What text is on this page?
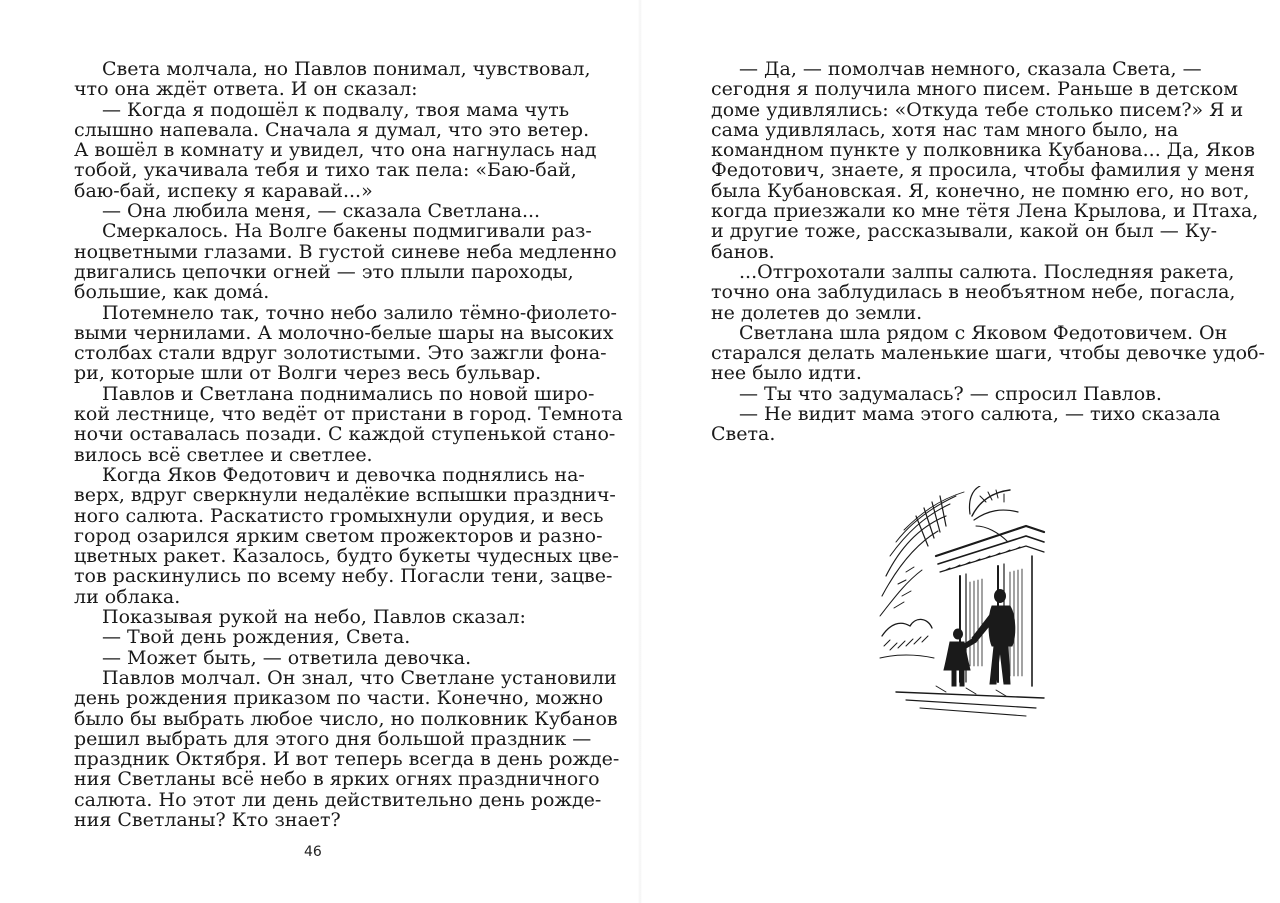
Света молчала, но Павлов понимал, чувствовал,
что она ждёт ответа. И он сказал:
— Когда я подошёл к подвалу, твоя мама чуть
слышно напевала. Сначала я думал, что это ветер.
А вошёл в комнату и увидел, что она нагнулась над
тобой, укачивала тебя и тихо так пела: «Баю-бай,
баю-бай, испеку я каравай...»
— Она любила меня, — сказала Светлана...
Смеркалось. На Волге бакены подмигивали раз-
ноцветными глазами. В густой синеве неба медленно
двигались цепочки огней — это плыли пароходы,
большие, как дома́.
Потемнело так, точно небо залило тёмно-фиолето-
выми чернилами. А молочно-белые шары на высоких
столбах стали вдруг золотистыми. Это зажгли фона-
ри, которые шли от Волги через весь бульвар.
Павлов и Светлана поднимались по новой широ-
кой лестнице, что ведёт от пристани в город. Темнота
ночи оставалась позади. С каждой ступенькой стано-
вилось всё светлее и светлее.
Когда Яков Федотович и девочка поднялись на-
верх, вдруг сверкнули недалёкие вспышки празднич-
ного салюта. Раскатисто громыхнули орудия, и весь
город озарился ярким светом прожекторов и разно-
цветных ракет. Казалось, будто букеты чудесных цве-
тов раскинулись по всему небу. Погасли тени, зацве-
ли облака.
Показывая рукой на небо, Павлов сказал:
— Твой день рождения, Света.
— Может быть, — ответила девочка.
Павлов молчал. Он знал, что Светлане установили
день рождения приказом по части. Конечно, можно
было бы выбрать любое число, но полковник Кубанов
решил выбрать для этого дня большой праздник —
праздник Октября. И вот теперь всегда в день рожде-
ния Светланы всё небо в ярких огнях праздничного
салюта. Но этот ли день действительно день рожде-
ния Светланы? Кто знает?
46
— Да, — помолчав немного, сказала Света, —
сегодня я получила много писем. Раньше в детском
доме удивлялись: «Откуда тебе столько писем?» Я и
сама удивлялась, хотя нас там много было, на
командном пункте у полковника Кубанова... Да, Яков
Федотович, знаете, я просила, чтобы фамилия у меня
была Кубановская. Я, конечно, не помню его, но вот,
когда приезжали ко мне тётя Лена Крылова, и Птаха,
и другие тоже, рассказывали, какой он был — Ку-
банов.
...Отгрохотали залпы салюта. Последняя ракета,
точно она заблудилась в необъятном небе, погасла,
не долетев до земли.
Светлана шла рядом с Яковом Федотовичем. Он
старался делать маленькие шаги, чтобы девочке удоб-
нее было идти.
— Ты что задумалась? — спросил Павлов.
— Не видит мама этого салюта, — тихо сказала
Света.
